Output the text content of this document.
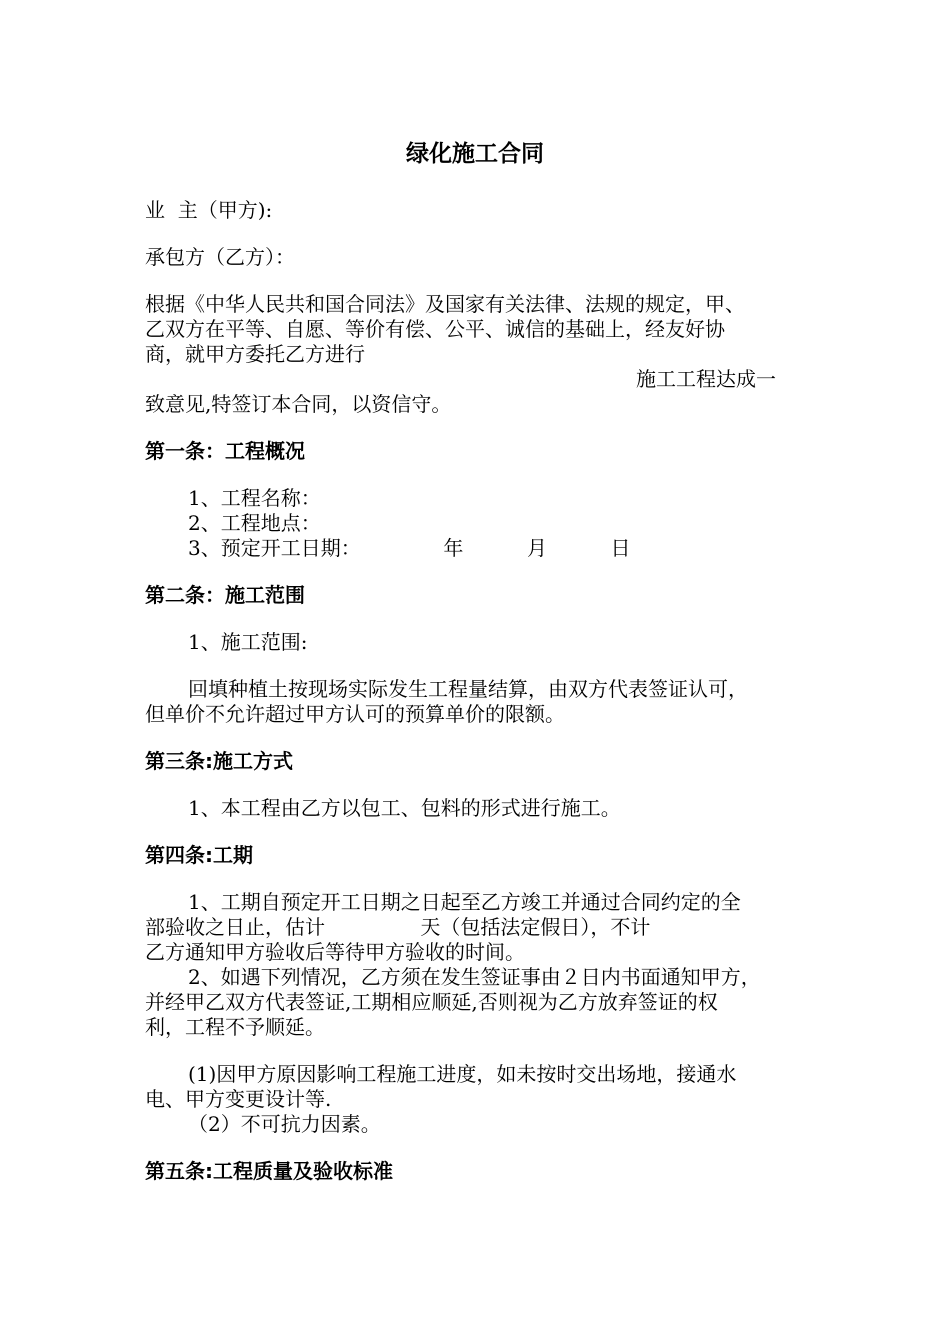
绿化施工合同
业  主（甲方):
承包方（乙方）：
根据《中华人民共和国合同法》及国家有关法律、法规的规定，甲、
乙双方在平等、自愿、等价有偿、公平、诚信的基础上，经友好协
商，就甲方委托乙方进行
施工工程达成一
致意见,特签订本合同，以资信守。
第一条：工程概况
1、工程名称：
2、工程地点：
3、预定开工日期：             年          月          日
第二条：施工范围
1、施工范围:
回填种植土按现场实际发生工程量结算，由双方代表签证认可，
但单价不允许超过甲方认可的预算单价的限额。
第三条:施工方式
1、本工程由乙方以包工、包料的形式进行施工。
第四条:工期
1、工期自预定开工日期之日起至乙方竣工并通过合同约定的全
部验收之日止，估计               天（包括法定假日），不计
乙方通知甲方验收后等待甲方验收的时间。
2、如遇下列情况，乙方须在发生签证事由２日内书面通知甲方，
并经甲乙双方代表签证,工期相应顺延,否则视为乙方放弃签证的权
利，工程不予顺延。
(1)因甲方原因影响工程施工进度，如未按时交出场地，接通水
电、甲方变更设计等.
（2）不可抗力因素。
第五条:工程质量及验收标准
